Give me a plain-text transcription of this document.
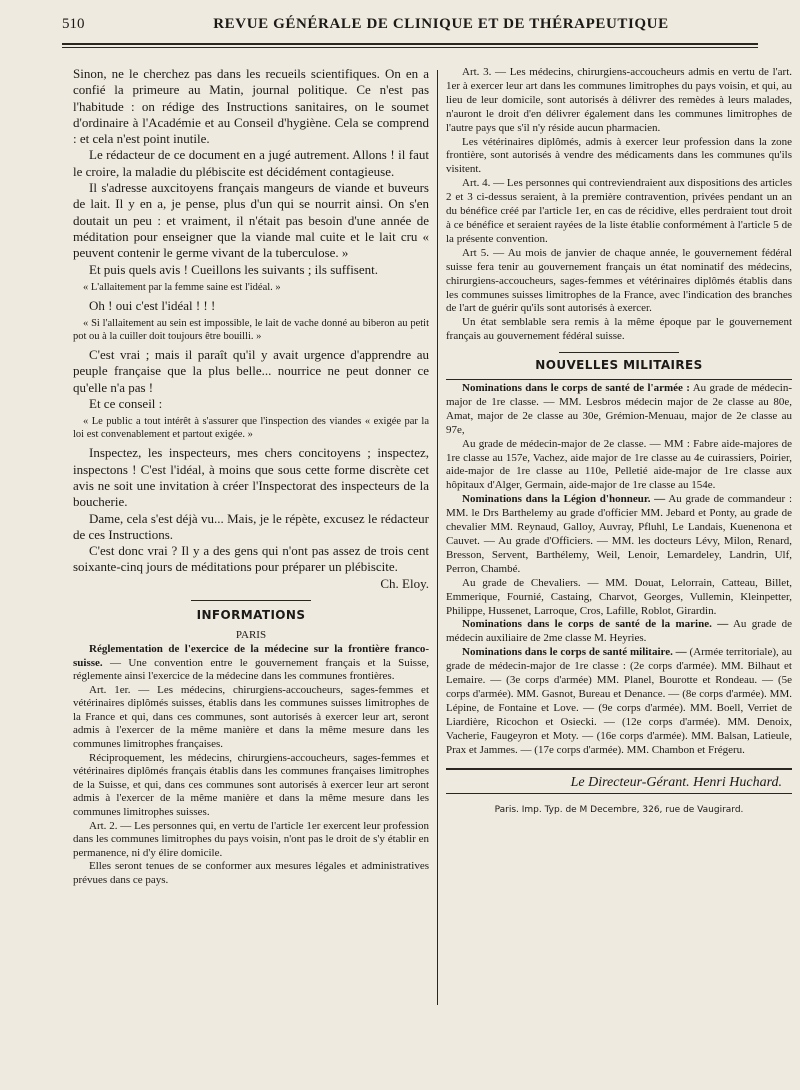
510	REVUE GÉNÉRALE DE CLINIQUE ET DE THÉRAPEUTIQUE

Sinon, ne le cherchez pas dans les recueils scientifiques. On en a confié la primeure au Matin, journal politique. Ce n'est pas l'habitude : on rédige des Instructions sanitaires, on le soumet d'ordinaire à l'Académie et au Conseil d'hygiène. Cela se comprend : et cela n'est point inutile.

Le rédacteur de ce document en a jugé autrement. Allons ! il faut le croire, la maladie du plébiscite est décidément contagieuse.

Il s'adresse auxcitoyens français mangeurs de viande et buveurs de lait. Il y en a, je pense, plus d'un qui se nourrit ainsi. On s'en doutait un peu : et vraiment, il n'était pas besoin d'une année de méditation pour enseigner que la viande mal cuite et le lait cru « peuvent contenir le germe vivant de la tuberculose. »

Et puis quels avis ! Cueillons les suivants ; ils suffisent.

« L'allaitement par la femme saine est l'idéal. »

Oh ! oui c'est l'idéal ! ! !

« Si l'allaitement au sein est impossible, le lait de vache donné au biberon au petit pot ou à la cuiller doit toujours être bouilli. »

C'est vrai ; mais il paraît qu'il y avait urgence d'apprendre au peuple française que la plus belle... nourrice ne peut donner ce qu'elle n'a pas !

Et ce conseil :

« Le public a tout intérêt à s'assurer que l'inspection des viandes « exigée par la loi est convenablement et partout exigée. »

Inspectez, les inspecteurs, mes chers concitoyens ; inspectez, inspectons ! C'est l'idéal, à moins que sous cette forme discrète cet avis ne soit une invitation à créer l'Inspectorat des inspecteurs de la boucherie.

Dame, cela s'est déjà vu... Mais, je le répète, excusez le rédacteur de ces Instructions.

C'est donc vrai ? Il y a des gens qui n'ont pas assez de trois cent soixante-cinq jours de méditations pour préparer un plébiscite.

Ch. Eloy.

INFORMATIONS
PARIS

Réglementation de l'exercice de la médecine sur la frontière franco-suisse. — Une convention entre le gouvernement français et la Suisse, réglemente ainsi l'exercice de la médecine dans les communes frontières.

Art. 1er. — Les médecins, chirurgiens-accoucheurs, sages-femmes et vétérinaires diplômés suisses, établis dans les communes suisses limitrophes de la France et qui, dans ces communes, sont autorisés à exercer leur art, seront admis à l'exercer de la même manière et dans la même mesure dans les communes limitrophes françaises.

Réciproquement, les médecins, chirurgiens-accoucheurs, sages-femmes et vétérinaires diplômés français établis dans les communes françaises limitrophes de la Suisse, et qui, dans ces communes sont autorisés à exercer leur art seront admis à l'exercer de la même manière et dans la même mesure dans les communes limitrophes suisses.

Art. 2. — Les personnes qui, en vertu de l'article 1er exercent leur profession dans les communes limitrophes du pays voisin, n'ont pas le droit de s'y établir en permanence, ni d'y élire domicile.

Elles seront tenues de se conformer aux mesures légales et administratives prévues dans ce pays.

Art. 3. — Les médecins, chirurgiens-accoucheurs admis en vertu de l'art. 1er à exercer leur art dans les communes limitrophes du pays voisin, et qui, au lieu de leur domicile, sont autorisés à délivrer des remèdes à leurs malades, n'auront le droit d'en délivrer également dans les communes limitrophes de l'autre pays que s'il n'y réside aucun pharmacien.

Les vétérinaires diplômés, admis à exercer leur profession dans la zone frontière, sont autorisés à vendre des médicaments dans les communes qu'ils visitent.

Art. 4. — Les personnes qui contreviendraient aux dispositions des articles 2 et 3 ci-dessus seraient, à la première contravention, privées pendant un an du bénéfice créé par l'article 1er, en cas de récidive, elles perdraient tout droit à ce bénéfice et seraient rayées de la liste établie conformément à l'article 5 de la présente convention.

Art 5. — Au mois de janvier de chaque année, le gouvernement fédéral suisse fera tenir au gouvernement français un état nominatif des médecins, chirurgiens-accoucheurs, sages-femmes et vétérinaires diplômés établis dans les communes suisses limitrophes de la France, avec l'indication des branches de l'art de guérir qu'ils sont autorisés à exercer.

Un état semblable sera remis à la même époque par le gouvernement français au gouvernement fédéral suisse.

NOUVELLES MILITAIRES

Nominations dans le corps de santé de l'armée : Au grade de médecin-major de 1re classe. — MM. Lesbros médecin major de 2e classe au 80e, Amat, major de 2e classe au 30e, Grémion-Menuau, major de 2e classe au 97e,

Au grade de médecin-major de 2e classe. — MM : Fabre aide-majores de 1re classe au 157e, Vachez, aide major de 1re classe au 4e cuirassiers, Poirier, aide-major de 1re classe au 110e, Pelletié aide-major de 1re classe aux hôpitaux d'Alger, Germain, aide-major de 1re classe au 154e.

Nominations dans la Légion d'honneur. — Au grade de commandeur : MM. le Drs Barthelemy au grade d'officier MM. Jebard et Ponty, au grade de chevalier MM. Reynaud, Galloy, Auvray, Pfluhl, Le Landais, Kuenenona et Cauvet. — Au grade d'Officiers. — MM. les docteurs Lévy, Milon, Renard, Bresson, Servent, Barthélemy, Weil, Lenoir, Lemardeley, Landrin, Ulf, Perron, Chambé.

Au grade de Chevaliers. — MM. Douat, Lelorrain, Catteau, Billet, Emmerique, Fournié, Castaing, Charvot, Georges, Vullemin, Kleinpetter, Philippe, Hussenet, Larroque, Cros, Lafille, Roblot, Girardin.

Nominations dans le corps de santé de la marine. — Au grade de médecin auxiliaire de 2me classe M. Heyries.

Nominations dans le corps de santé militaire. — (Armée territoriale), au grade de médecin-major de 1re classe : (2e corps d'armée). MM. Bilhaut et Lemaire. — (3e corps d'armée) MM. Planel, Bourotte et Rondeau. — (5e corps d'armée). MM. Gasnot, Bureau et Denance. — (8e corps d'armée). MM. Lépine, de Fontaine et Love. — (9e corps d'armée). MM. Boell, Verriet de Liardière, Ricochon et Osiecki. — (12e corps d'armée). MM. Denoix, Vacherie, Faugeyron et Moty. — (16e corps d'armée). MM. Balsan, Latieule, Prax et Jammes. — (17e corps d'armée). MM. Chambon et Frégeru.

Le Directeur-Gérant. Henri Huchard.
Paris. Imp. Typ. de M Decembre, 326, rue de Vaugirard.
